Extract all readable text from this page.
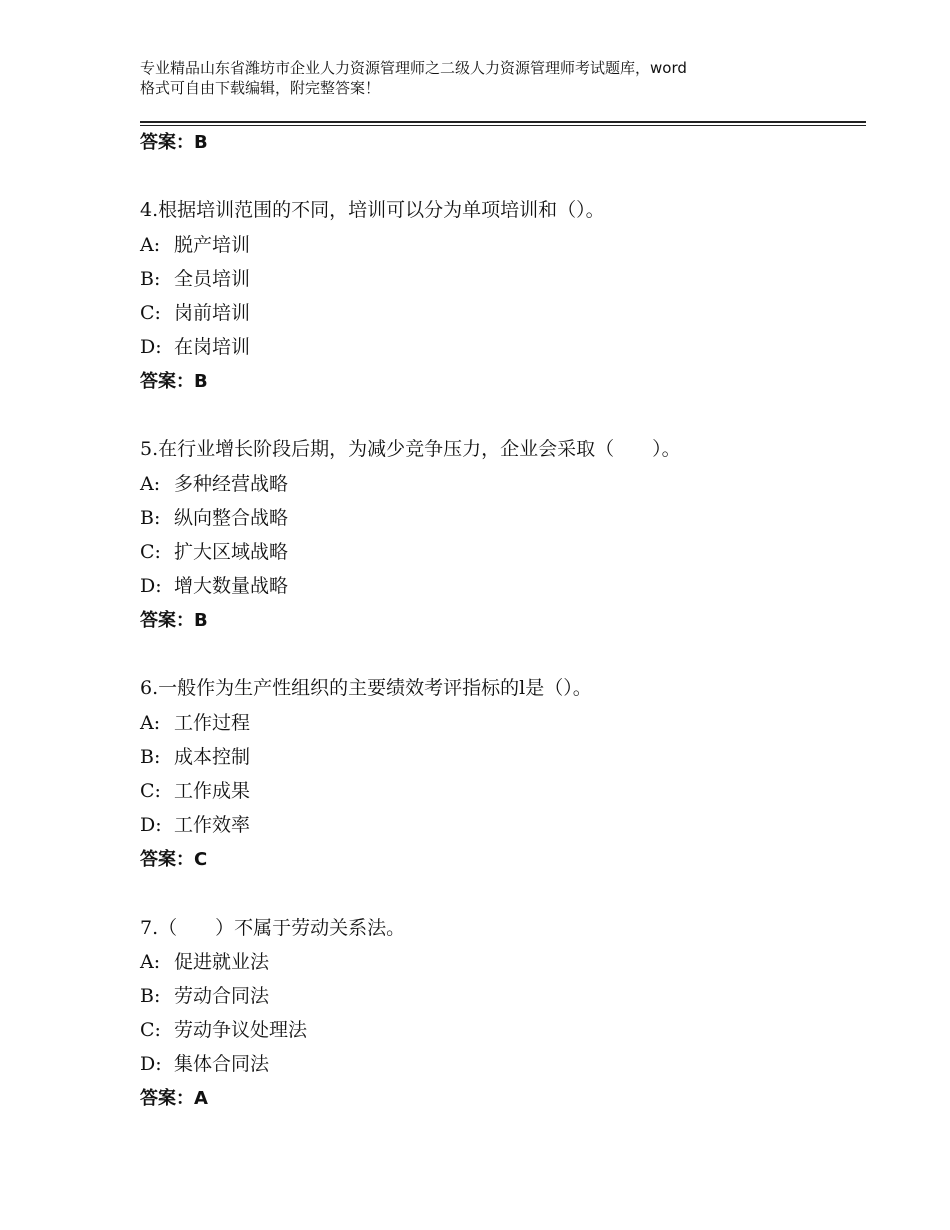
专业精品山东省潍坊市企业人力资源管理师之二级人力资源管理师考试题库，word
格式可自由下载编辑，附完整答案！
答案：B
4.根据培训范围的不同，培训可以分为单项培训和（）。
A: 脱产培训
B: 全员培训
C: 岗前培训
D: 在岗培训
答案：B
5.在行业增长阶段后期，为减少竞争压力，企业会采取（　　）。
A: 多种经营战略
B: 纵向整合战略
C: 扩大区域战略
D: 增大数量战略
答案：B
6.一般作为生产性组织的主要绩效考评指标的l是（）。
A: 工作过程
B: 成本控制
C: 工作成果
D: 工作效率
答案：C
7.（　　）不属于劳动关系法。
A: 促进就业法
B: 劳动合同法
C: 劳动争议处理法
D: 集体合同法
答案：A
